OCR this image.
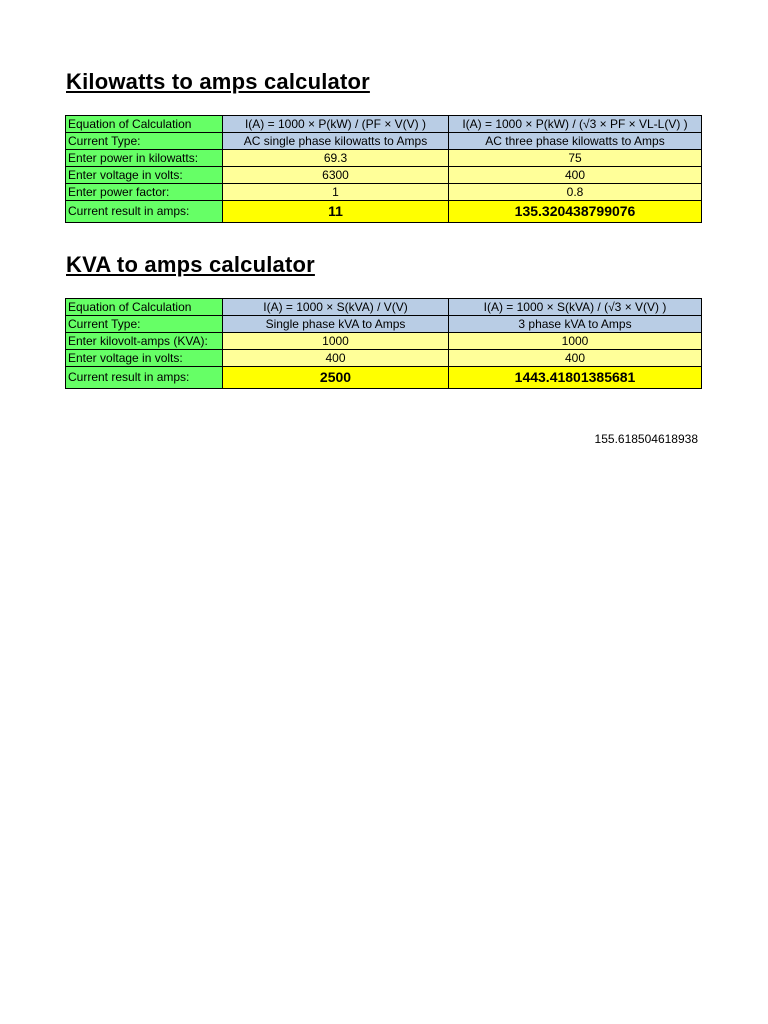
Kilowatts to amps calculator
Equation of Calculation	I(A) = 1000 × P(kW) / (PF × V(V) )	I(A) = 1000 × P(kW) / (√3 × PF × VL-L(V) )
Current Type:	AC single phase kilowatts to Amps	AC three phase kilowatts to Amps
Enter power in kilowatts:	69.3	75
Enter voltage in volts:	6300	400
Enter power factor:	1	0.8
Current result in amps:	11	135.320438799076
KVA to amps calculator
Equation of Calculation	I(A) = 1000 × S(kVA) / V(V)	I(A) = 1000 × S(kVA) / (√3 × V(V) )
Current Type:	Single phase kVA to Amps	3 phase kVA to Amps
Enter kilovolt-amps (KVA):	1000	1000
Enter voltage in volts:	400	400
Current result in amps:	2500	1443.41801385681
155.618504618938
